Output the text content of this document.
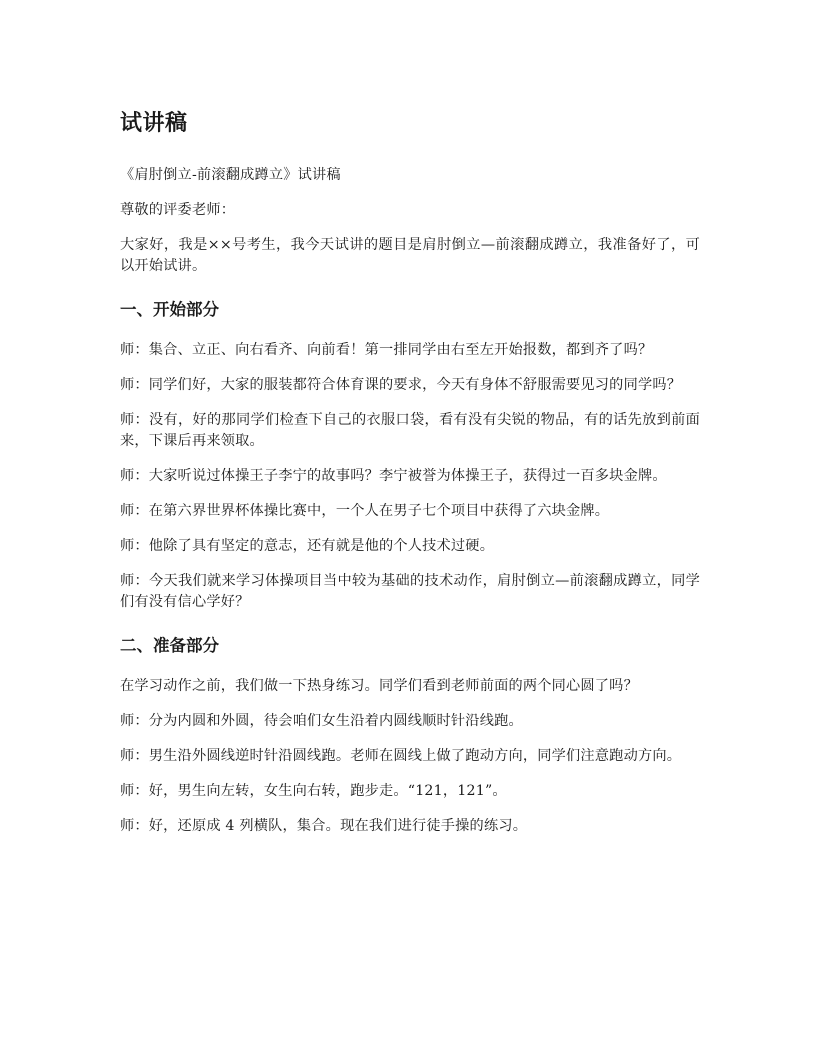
试讲稿

《肩肘倒立-前滚翻成蹲立》试讲稿

尊敬的评委老师：

大家好，我是××号考生，我今天试讲的题目是肩肘倒立—前滚翻成蹲立，我准备好了，可以开始试讲。

一、开始部分

师：集合、立正、向右看齐、向前看！第一排同学由右至左开始报数，都到齐了吗？

师：同学们好，大家的服装都符合体育课的要求，今天有身体不舒服需要见习的同学吗？

师：没有，好的那同学们检查下自己的衣服口袋，看有没有尖锐的物品，有的话先放到前面来，下课后再来领取。

师：大家听说过体操王子李宁的故事吗？李宁被誉为体操王子，获得过一百多块金牌。

师：在第六界世界杯体操比赛中，一个人在男子七个项目中获得了六块金牌。

师：他除了具有坚定的意志，还有就是他的个人技术过硬。

师：今天我们就来学习体操项目当中较为基础的技术动作，肩肘倒立—前滚翻成蹲立，同学们有没有信心学好？

二、准备部分

在学习动作之前，我们做一下热身练习。同学们看到老师前面的两个同心圆了吗？

师：分为内圆和外圆，待会咱们女生沿着内圆线顺时针沿线跑。

师：男生沿外圆线逆时针沿圆线跑。老师在圆线上做了跑动方向，同学们注意跑动方向。

师：好，男生向左转，女生向右转，跑步走。“121，121”。

师：好，还原成 4 列横队，集合。现在我们进行徒手操的练习。
